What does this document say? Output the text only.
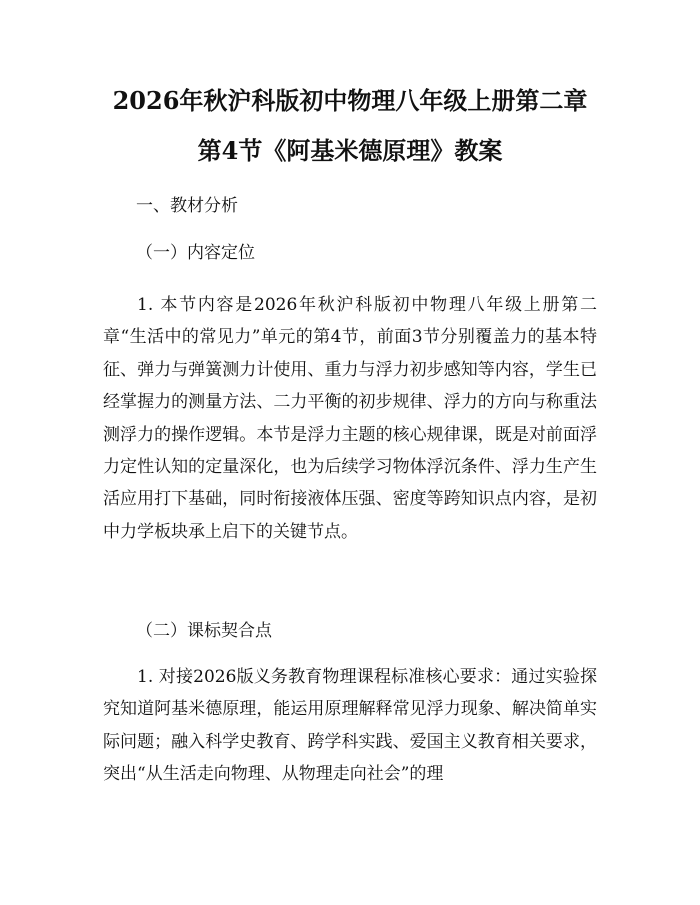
2026年秋沪科版初中物理八年级上册第二章
第4节《阿基米德原理》教案

一、教材分析

（一）内容定位

1. 本节内容是2026年秋沪科版初中物理八年级上册第二章“生活中的常见力”单元的第4节，前面3节分别覆盖力的基本特征、弹力与弹簧测力计使用、重力与浮力初步感知等内容，学生已经掌握力的测量方法、二力平衡的初步规律、浮力的方向与称重法测浮力的操作逻辑。本节是浮力主题的核心规律课，既是对前面浮力定性认知的定量深化，也为后续学习物体浮沉条件、浮力生产生活应用打下基础，同时衔接液体压强、密度等跨知识点内容，是初中力学板块承上启下的关键节点。

（二）课标契合点

1. 对接2026版义务教育物理课程标准核心要求：通过实验探究知道阿基米德原理，能运用原理解释常见浮力现象、解决简单实际问题；融入科学史教育、跨学科实践、爱国主义教育相关要求，突出“从生活走向物理、从物理走向社会”的理
